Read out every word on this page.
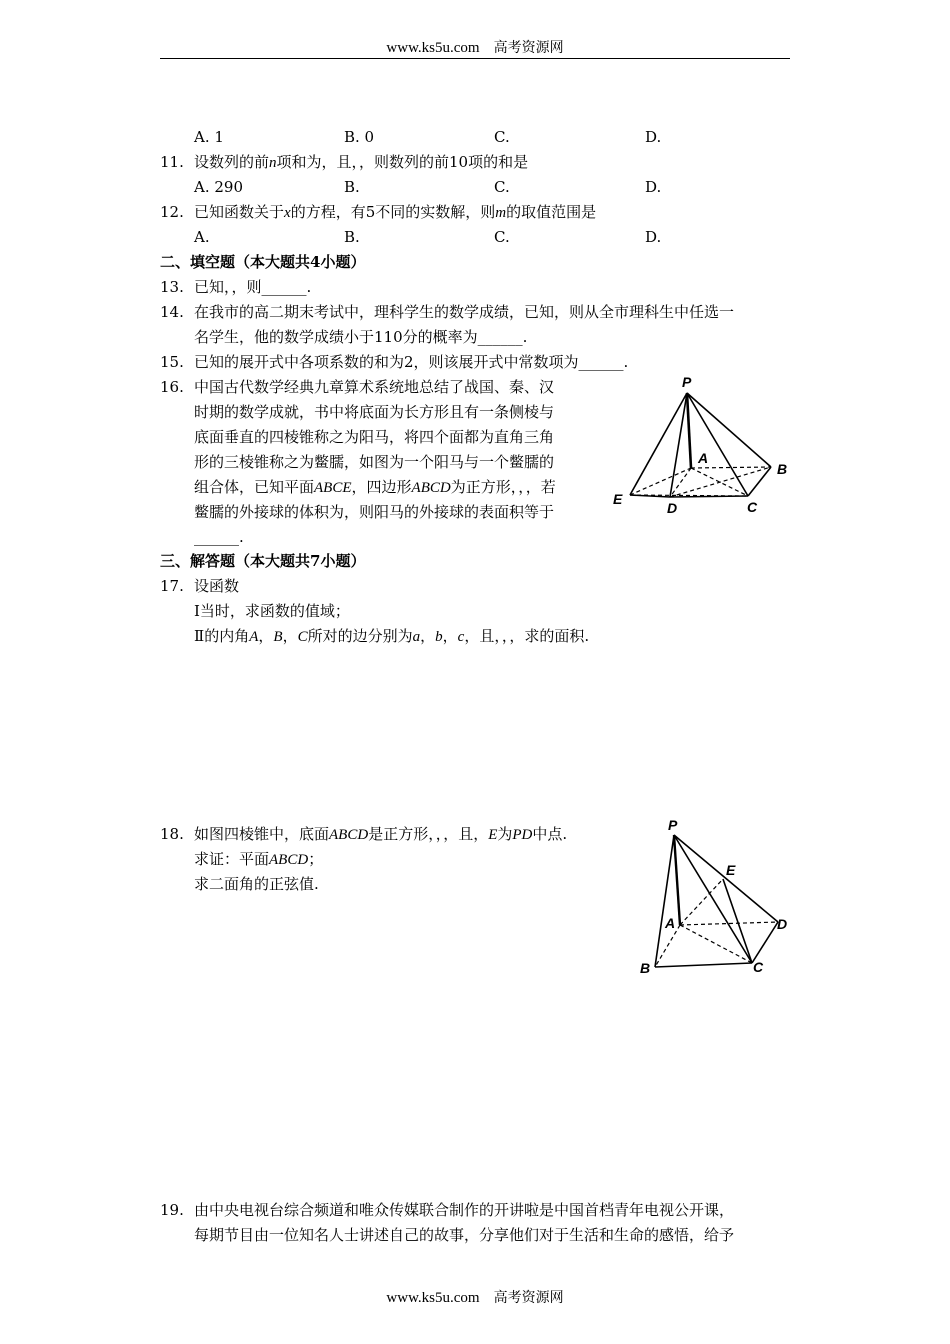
www.ks5u.com 高考资源网
A. 1	B. 0	C.	D.
11. 设数列的前n项和为，且，，则数列的前10项的和是
A. 290	B.	C.	D.
12. 已知函数关于x的方程，有5不同的实数解，则m的取值范围是
A.	B.	C.	D.
二、填空题（本大题共4小题）
13. 已知，，则______.
14. 在我市的高二期末考试中，理科学生的数学成绩，已知，则从全市理科生中任选一
名学生，他的数学成绩小于110分的概率为______.
15. 已知的展开式中各项系数的和为2，则该展开式中常数项为______.
16. 中国古代数学经典九章算术系统地总结了战国、秦、汉
时期的数学成就，书中将底面为长方形且有一条侧棱与
底面垂直的四棱锥称之为阳马，将四个面都为直角三角
形的三棱锥称之为鳖臑，如图为一个阳马与一个鳖臑的
组合体，已知平面ABCE，四边形ABCD为正方形，，，若
鳖臑的外接球的体积为，则阳马的外接球的表面积等于
______.
P
A
B
C
D
E
三、解答题（本大题共7小题）
17. 设函数
Ⅰ当时，求函数的值域；
Ⅱ的内角A，B，C所对的边分别为a，b，c，且，，，求的面积.
18. 如图四棱锥中，底面ABCD是正方形，，，且，E为PD中点.
求证：平面ABCD；
求二面角的正弦值.
P
E
A	D
B	C
19. 由中央电视台综合频道和唯众传媒联合制作的开讲啦是中国首档青年电视公开课，
每期节目由一位知名人士讲述自己的故事，分享他们对于生活和生命的感悟，给予
www.ks5u.com 高考资源网
